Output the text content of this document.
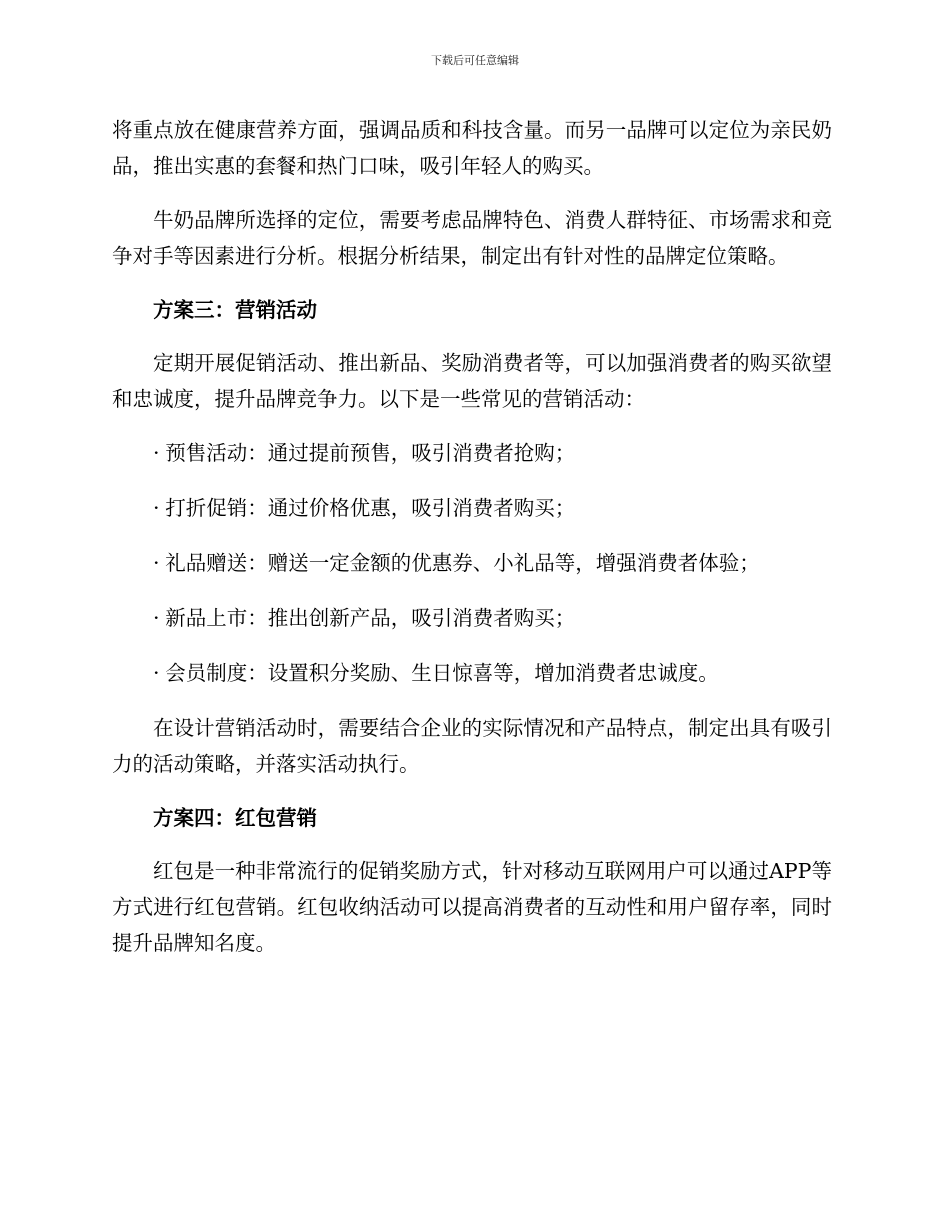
下载后可任意编辑

将重点放在健康营养方面，强调品质和科技含量。而另一品牌可以定位为亲民奶品，推出实惠的套餐和热门口味，吸引年轻人的购买。

牛奶品牌所选择的定位，需要考虑品牌特色、消费人群特征、市场需求和竞争对手等因素进行分析。根据分析结果，制定出有针对性的品牌定位策略。

方案三：营销活动

定期开展促销活动、推出新品、奖励消费者等，可以加强消费者的购买欲望和忠诚度，提升品牌竞争力。以下是一些常见的营销活动：

· 预售活动：通过提前预售，吸引消费者抢购；
· 打折促销：通过价格优惠，吸引消费者购买；
· 礼品赠送：赠送一定金额的优惠券、小礼品等，增强消费者体验；
· 新品上市：推出创新产品，吸引消费者购买；
· 会员制度：设置积分奖励、生日惊喜等，增加消费者忠诚度。

在设计营销活动时，需要结合企业的实际情况和产品特点，制定出具有吸引力的活动策略，并落实活动执行。

方案四：红包营销

红包是一种非常流行的促销奖励方式，针对移动互联网用户可以通过APP等方式进行红包营销。红包收纳活动可以提高消费者的互动性和用户留存率，同时提升品牌知名度。
